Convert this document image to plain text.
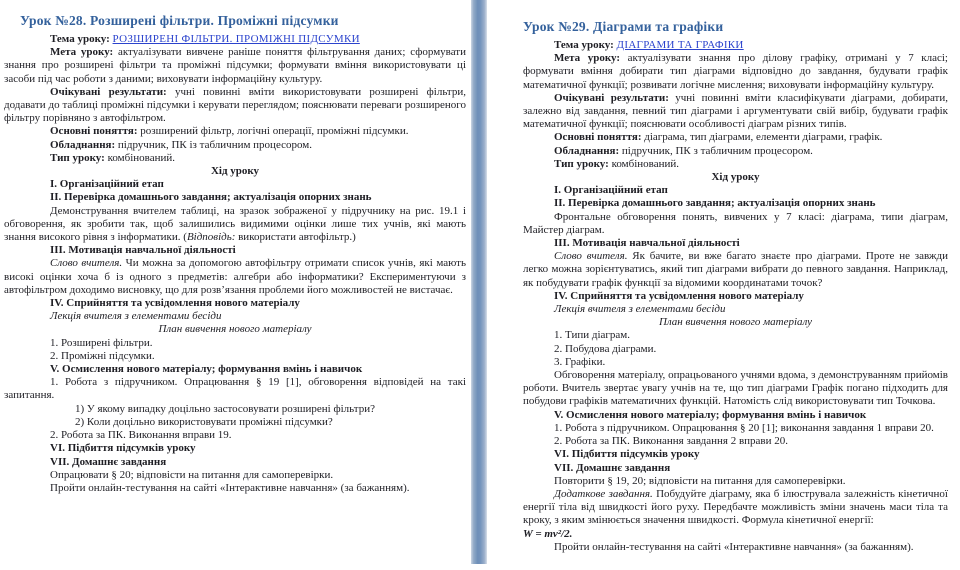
Урок №28. Розширені фільтри. Проміжні підсумки

Тема уроку: РОЗШИРЕНІ ФІЛЬТРИ. ПРОМІЖНІ ПІДСУМКИ

Мета уроку: актуалізувати вивчене раніше поняття фільтрування даних; сформувати знання про розширені фільтри та проміжні підсумки; формувати вміння використовувати ці засоби під час роботи з даними; виховувати інформаційну культуру.

Очікувані результати: учні повинні вміти використовувати розширені фільтри, додавати до таблиці проміжні підсумки і керувати переглядом; пояснювати переваги розширеного фільтру порівняно з автофільтром.

Основні поняття: розширений фільтр, логічні операції, проміжні підсумки.

Обладнання: підручник, ПК із табличним процесором.

Тип уроку: комбінований.

Хід уроку

I. Організаційний етап

II. Перевірка домашнього завдання; актуалізація опорних знань

Демонстрування вчителем таблиці, на зразок зображеної у підручнику на рис. 19.1 і обговорення, як зробити так, щоб залишились видимими оцінки лише тих учнів, які мають знання високого рівня з інформатики. (Відповідь: використати автофільтр.)

III. Мотивація навчальної діяльності

Слово вчителя. Чи можна за допомогою автофільтру отримати список учнів, які мають високі оцінки хоча б із одного з предметів: алгебри або інформатики? Експериментуючи з автофільтром доходимо висновку, що для розв’язання проблеми його можливостей не вистачає.

IV. Сприйняття та усвідомлення нового матеріалу

Лекція вчителя з елементами бесіди

План вивчення нового матеріалу

1. Розширені фільтри.

2. Проміжні підсумки.

V. Осмислення нового матеріалу; формування вмінь і навичок

1. Робота з підручником. Опрацювання § 19 [1], обговорення відповідей на такі запитання.

1) У якому випадку доцільно застосовувати розширені фільтри?

2) Коли доцільно використовувати проміжні підсумки?

2. Робота за ПК. Виконання вправи 19.

VI. Підбиття підсумків уроку

VII. Домашнє завдання

Опрацювати § 20; відповісти на питання для самоперевірки.

Пройти онлайн-тестування на сайті «Інтерактивне навчання» (за бажанням).

Урок №29. Діаграми та графіки

Тема уроку: ДІАГРАМИ ТА ГРАФІКИ

Мета уроку: актуалізувати знання про ділову графіку, отримані у 7 класі; формувати вміння добирати тип діаграми відповідно до завдання, будувати графік математичної функції; розвивати логічне мислення; виховувати інформаційну культуру.

Очікувані результати: учні повинні вміти класифікувати діаграми, добирати, залежно від завдання, певний тип діаграми і аргументувати свій вибір, будувати графік математичної функції; пояснювати особливості діаграм різних типів.

Основні поняття: діаграма, тип діаграми, елементи діаграми, графік.

Обладнання: підручник, ПК з табличним процесором.

Тип уроку: комбінований.

Хід уроку

I. Організаційний етап

II. Перевірка домашнього завдання; актуалізація опорних знань

Фронтальне обговорення понять, вивчених у 7 класі: діаграма, типи діаграм, Майстер діаграм.

III. Мотивація навчальної діяльності

Слово вчителя. Як бачите, ви вже багато знаєте про діаграми. Проте не завжди легко можна зорієнтуватись, який тип діаграми вибрати до певного завдання. Наприклад, як побудувати графік функції за відомими координатами точок?

IV. Сприйняття та усвідомлення нового матеріалу

Лекція вчителя з елементами бесіди

План вивчення нового матеріалу

1. Типи діаграм.

2. Побудова діаграми.

3. Графіки.

Обговорення матеріалу, опрацьованого учнями вдома, з демонструванням прийомів роботи. Вчитель звертає увагу учнів на те, що тип діаграми Графік погано підходить для побудови графіків математичних функцій. Натомість слід використовувати тип Точкова.

V. Осмислення нового матеріалу; формування вмінь і навичок

1. Робота з підручником. Опрацювання § 20 [1]; виконання завдання 1 вправи 20.

2. Робота за ПК. Виконання завдання 2 вправи 20.

VI. Підбиття підсумків уроку

VII. Домашнє завдання

Повторити § 19, 20; відповісти на питання для самоперевірки.

Додаткове завдання. Побудуйте діаграму, яка б ілюструвала залежність кінетичної енергії тіла від швидкості його руху. Передбачте можливість зміни значень маси тіла та кроку, з яким змінюється значення швидкості. Формула кінетичної енергії:

W = mv²/2.

Пройти онлайн-тестування на сайті «Інтерактивне навчання» (за бажанням).
